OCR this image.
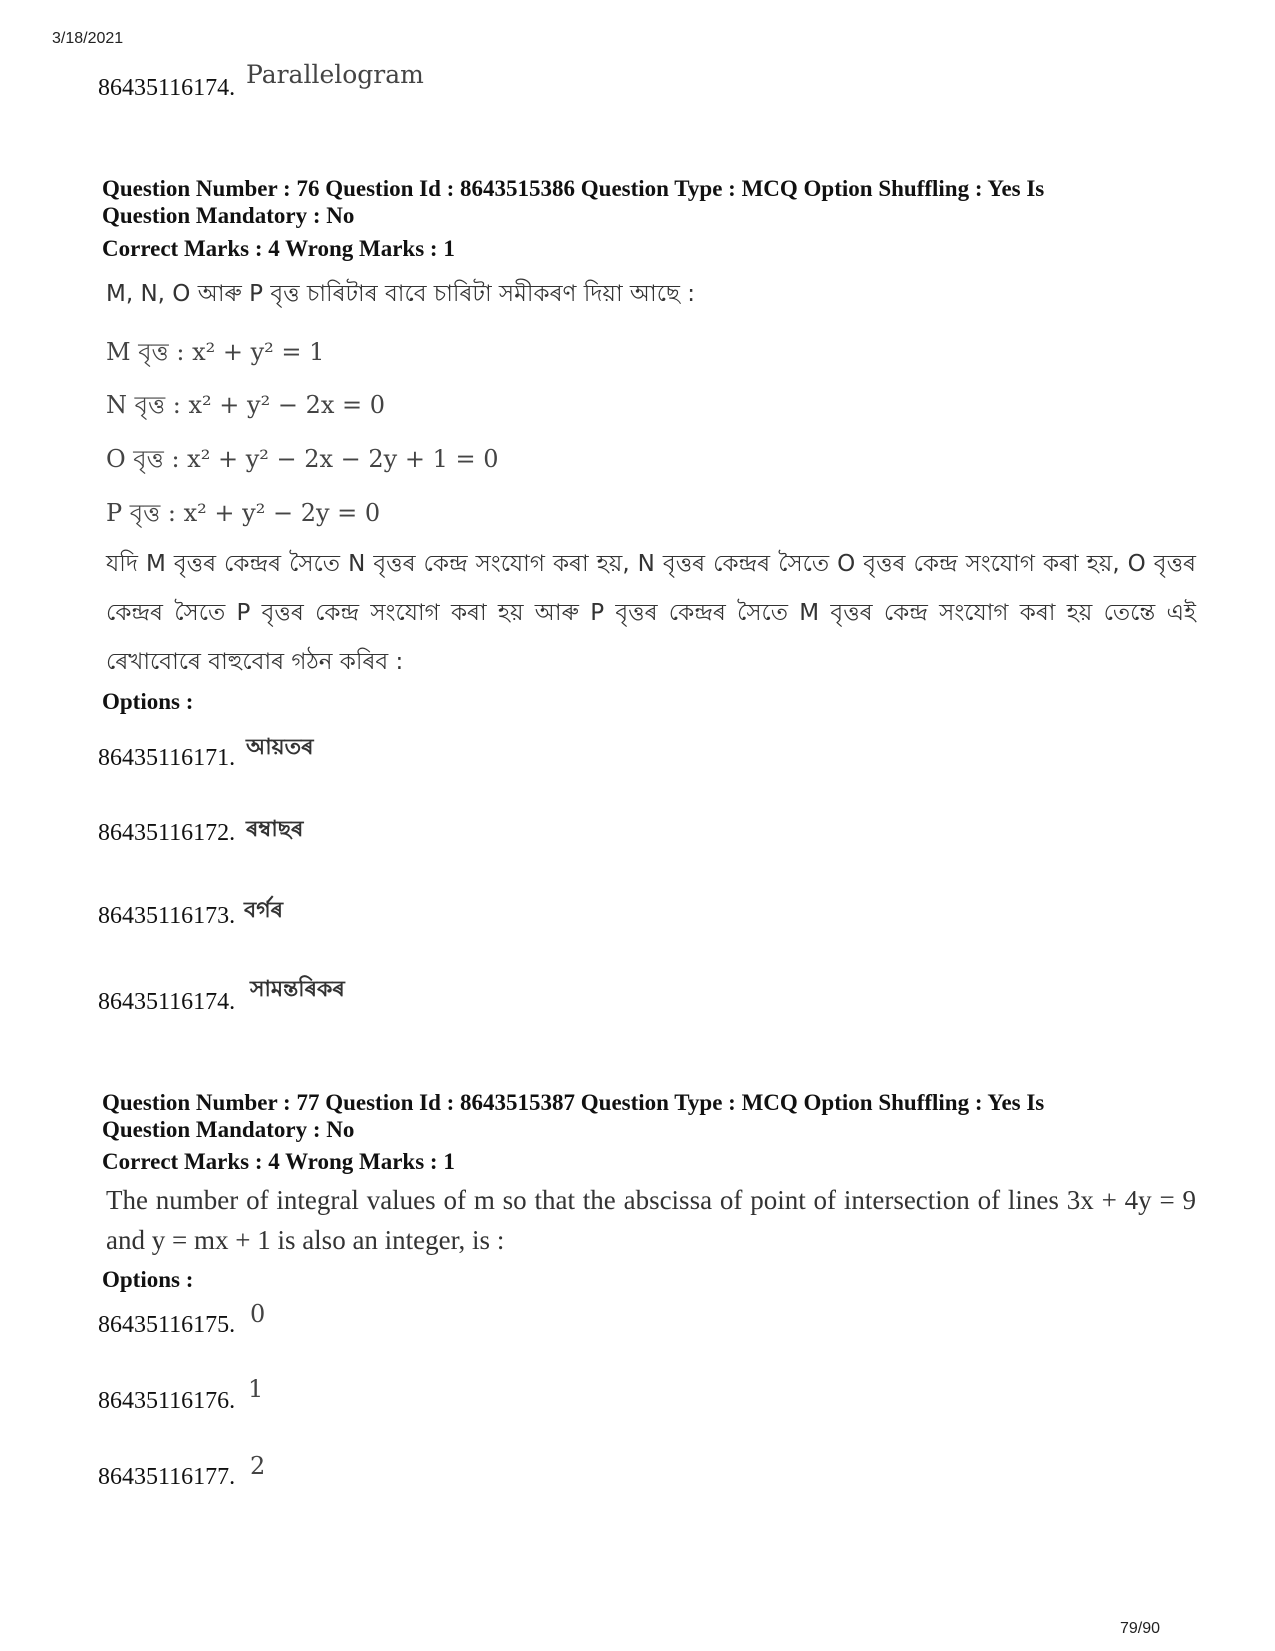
3/18/2021
86435116174. Parallelogram
Question Number : 76 Question Id : 8643515386 Question Type : MCQ Option Shuffling : Yes Is
Question Mandatory : No
Correct Marks : 4 Wrong Marks : 1
M, N, O আৰু P বৃত্ত চাৰিটাৰ বাবে চাৰিটা সমীকৰণ দিয়া আছে :
M বৃত্ত : x² + y² = 1
N বৃত্ত : x² + y² − 2x = 0
O বৃত্ত : x² + y² − 2x − 2y + 1 = 0
P বৃত্ত : x² + y² − 2y = 0
যদি M বৃত্তৰ কেন্দ্ৰৰ সৈতে N বৃত্তৰ কেন্দ্ৰ সংযোগ কৰা হয়, N বৃত্তৰ কেন্দ্ৰৰ সৈতে O বৃত্তৰ কেন্দ্ৰ সংযোগ কৰা হয়, O বৃত্তৰ কেন্দ্ৰৰ সৈতে P বৃত্তৰ কেন্দ্ৰ সংযোগ কৰা হয় আৰু P বৃত্তৰ কেন্দ্ৰৰ সৈতে M বৃত্তৰ কেন্দ্ৰ সংযোগ কৰা হয় তেন্তে এই ৰেখাবোৰে বাহুবোৰ গঠন কৰিব :
Options :
86435116171. আয়তৰ
86435116172. ৰম্বাছৰ
86435116173. বৰ্গৰ
86435116174. সামন্তৰিকৰ
Question Number : 77 Question Id : 8643515387 Question Type : MCQ Option Shuffling : Yes Is
Question Mandatory : No
Correct Marks : 4 Wrong Marks : 1
The number of integral values of m so that the abscissa of point of intersection of lines 3x + 4y = 9 and y = mx + 1 is also an integer, is :
Options :
86435116175. 0
86435116176. 1
86435116177. 2
79/90
